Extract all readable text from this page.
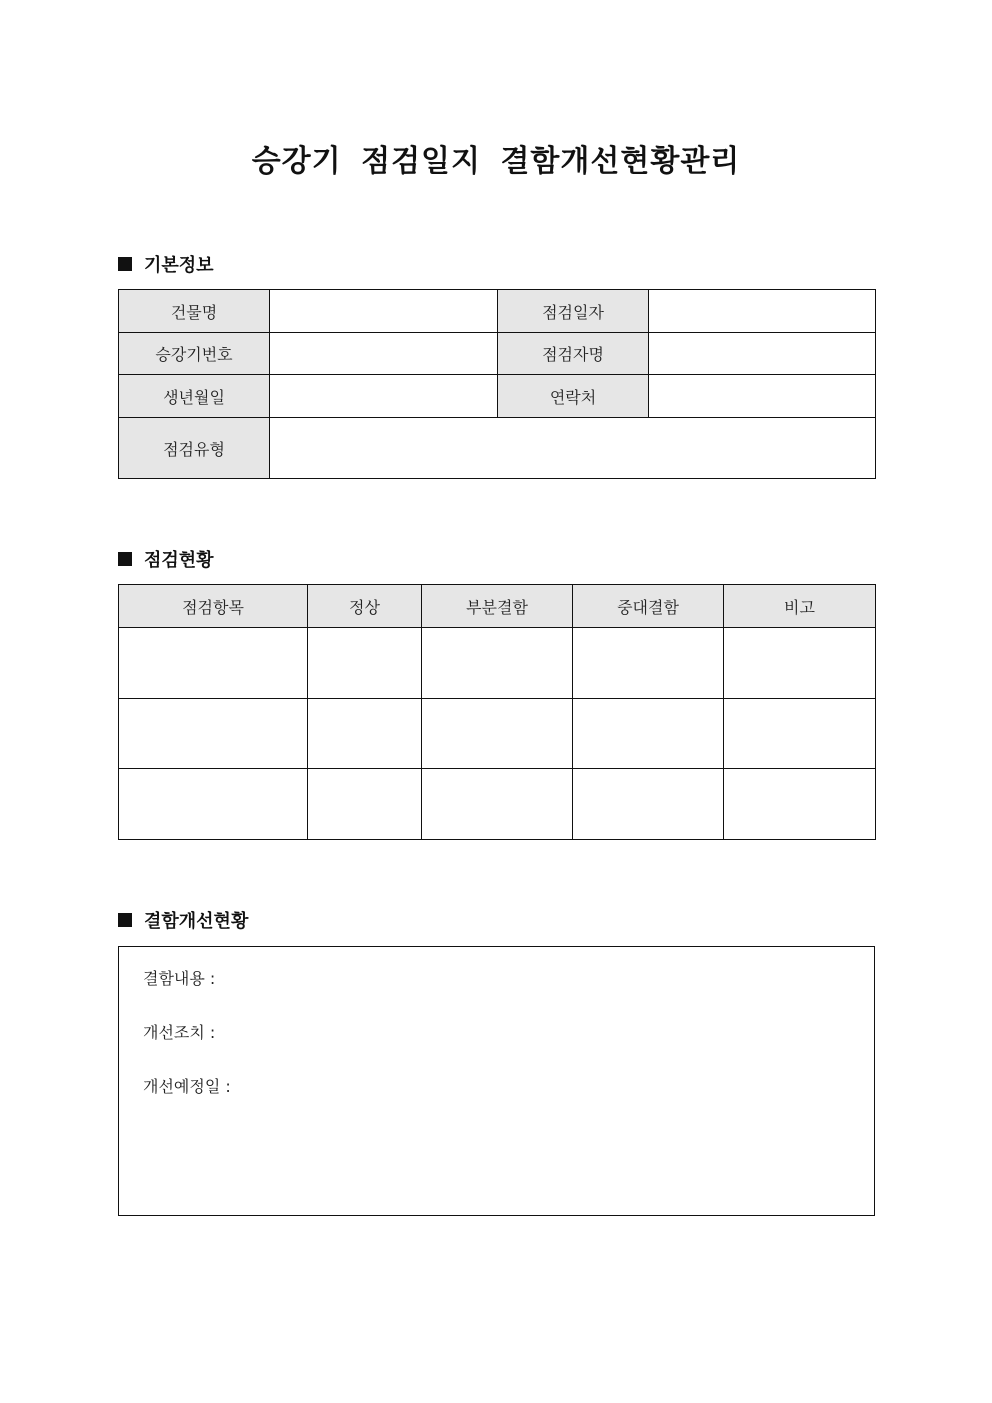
승강기 점검일지 결함개선현황관리
기본정보
건물명		점검일자	
승강기번호		점검자명	
생년월일		연락처	
점검유형			
점검현황
점검항목	정상	부분결함	중대결함	비고

결함개선현황
결함내용 :
개선조치 :
개선예정일 :
